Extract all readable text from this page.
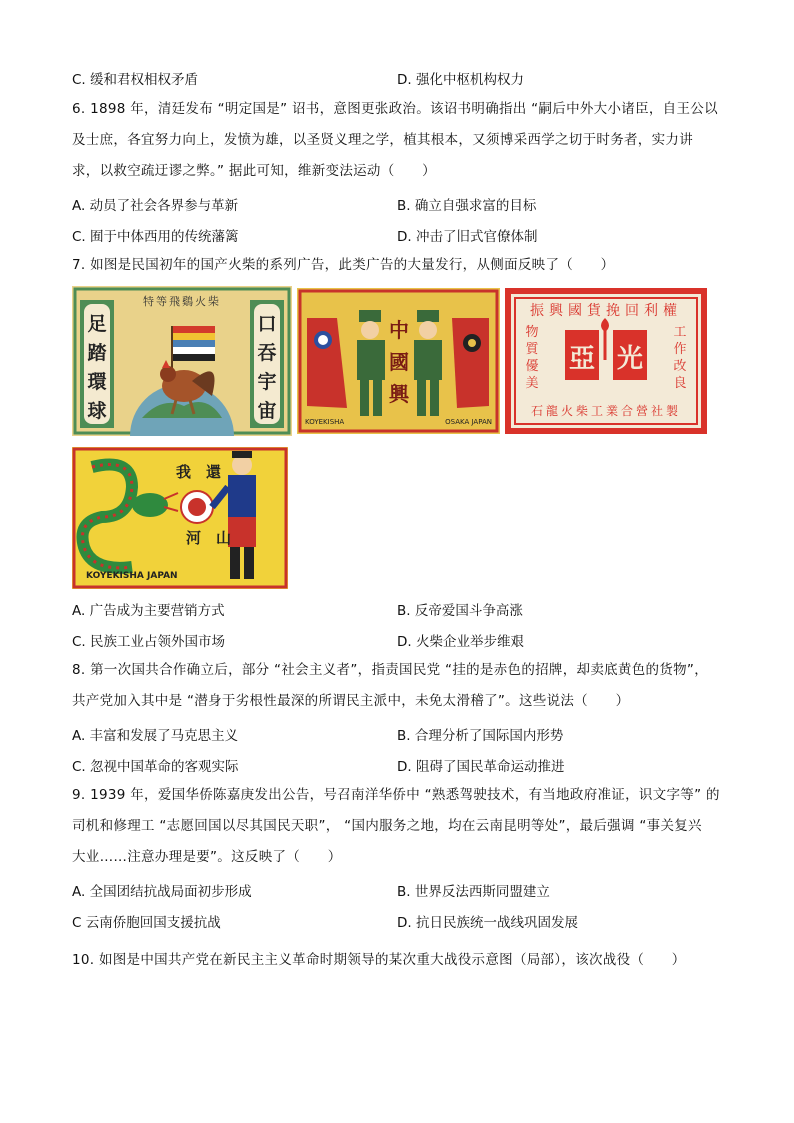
C. 缓和君权相权矛盾	D. 强化中枢机构权力
6. 1898 年，清廷发布 “明定国是” 诏书，意图更张政治。该诏书明确指出 “嗣后中外大小诸臣，自王公以
及士庶，各宜努力向上，发愤为雄，以圣贤义理之学，植其根本，又须博采西学之切于时务者，实力讲
求，以救空疏迂谬之弊。” 据此可知，维新变法运动（　　）
A. 动员了社会各界参与革新	B. 确立自强求富的目标
C. 囿于中体西用的传统藩篱	D. 冲击了旧式官僚体制
7. 如图是民国初年的国产火柴的系列广告，此类广告的大量发行，从侧面反映了（　　）
特等飛鷄火柴
足
踏
環
球
口
吞
宇
宙
中
國
興
KOYEKISHA	OSAKA JAPAN
振興國貨挽回利權
物
質
優
美
工
作
改
良
亞 光
石龍火柴工業合營社製
我　 還
河　 山
KOYEKISHA JAPAN
A. 广告成为主要营销方式	B. 反帝爱国斗争高涨
C. 民族工业占领外国市场	D. 火柴企业举步维艰
8. 第一次国共合作确立后，部分 “社会主义者”，指责国民党 “挂的是赤色的招牌，却卖底黄色的货物”，
共产党加入其中是 “潜身于劣根性最深的所谓民主派中，未免太滑稽了”。这些说法（　　）
A. 丰富和发展了马克思主义	B. 合理分析了国际国内形势
C. 忽视中国革命的客观实际	D. 阻碍了国民革命运动推进
9. 1939 年，爱国华侨陈嘉庚发出公告，号召南洋华侨中 “熟悉驾驶技术，有当地政府准证，识文字等” 的
司机和修理工 “志愿回国以尽其国民天职”， “国内服务之地，均在云南昆明等处”，最后强调 “事关复兴
大业……注意办理是要”。这反映了（　　）
A. 全国团结抗战局面初步形成	B. 世界反法西斯同盟建立
C 云南侨胞回国支援抗战	D. 抗日民族统一战线巩固发展
10. 如图是中国共产党在新民主主义革命时期领导的某次重大战役示意图（局部），该次战役（　　）
